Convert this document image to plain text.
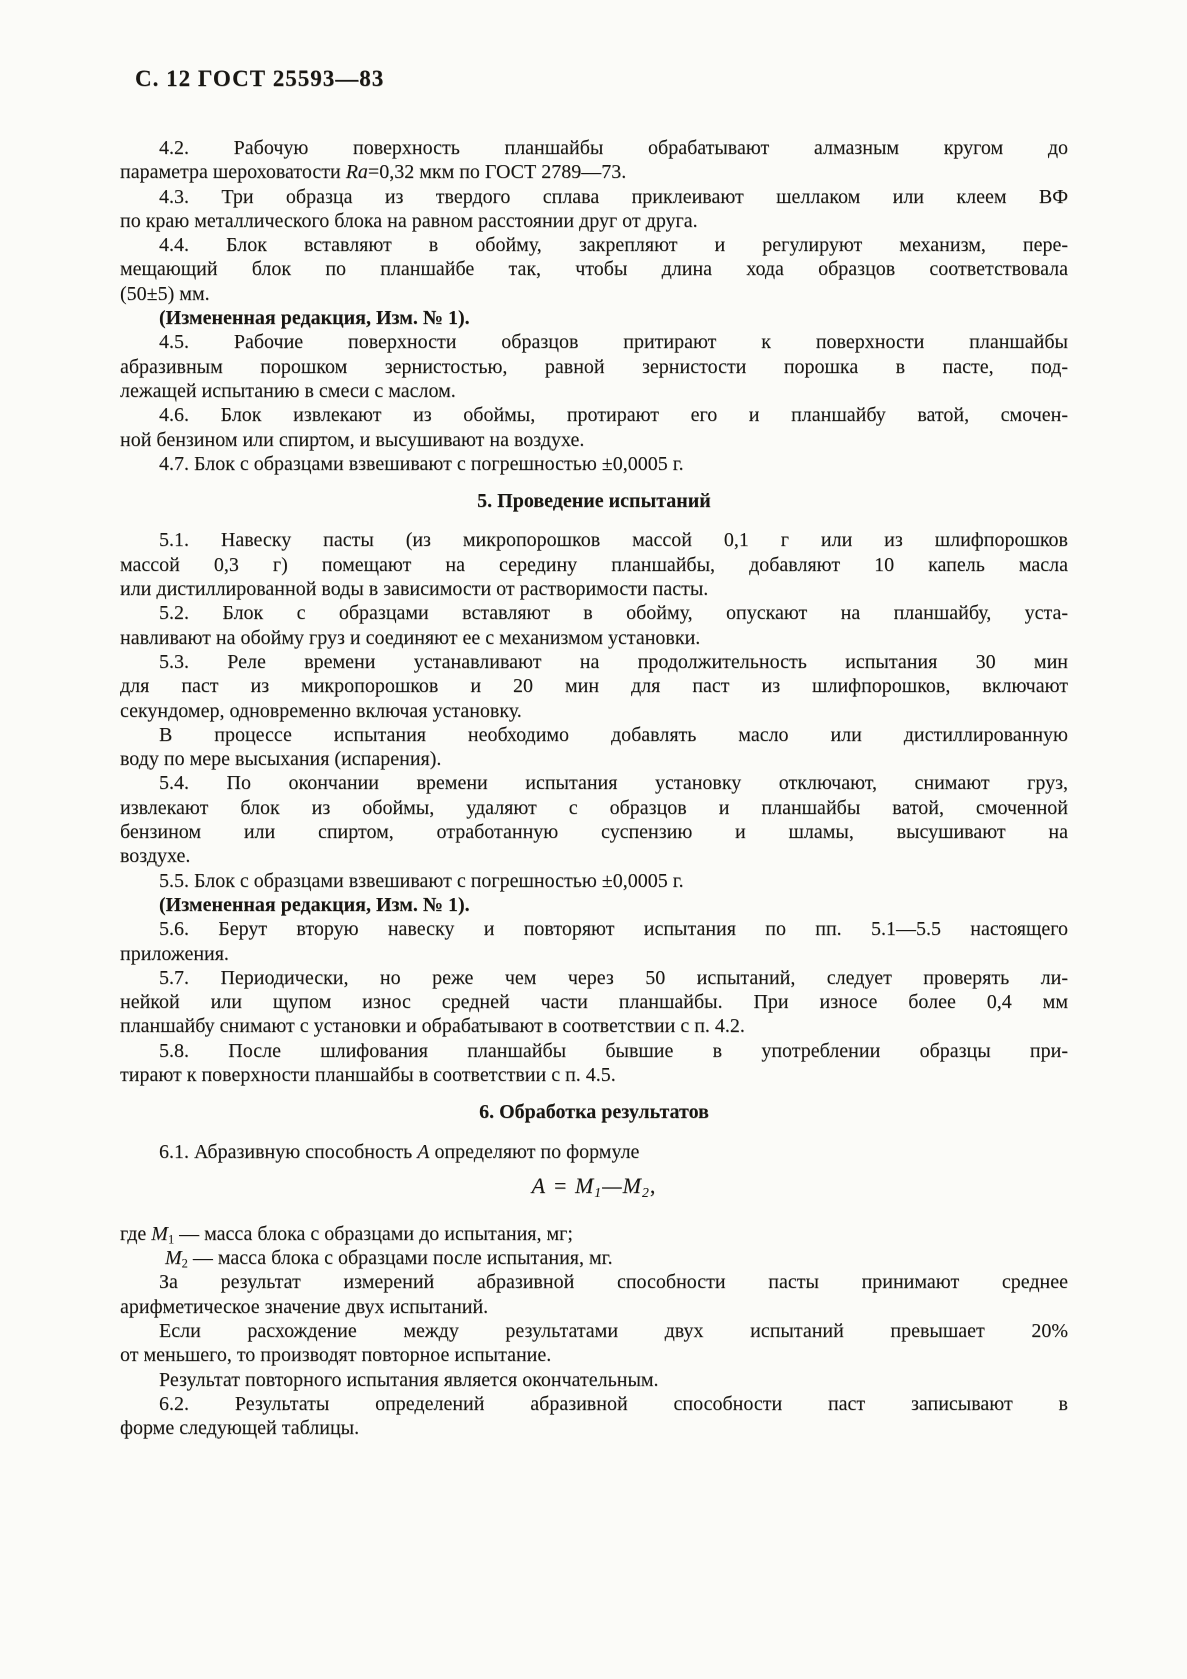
С. 12 ГОСТ 25593—83
4.2. Рабочую поверхность планшайбы обрабатывают алмазным кругом до
параметра шероховатости Ra=0,32 мкм по ГОСТ 2789—73.
4.3. Три образца из твердого сплава приклеивают шеллаком или клеем ВФ
по краю металлического блока на равном расстоянии друг от друга.
4.4. Блок вставляют в обойму, закрепляют и регулируют механизм, пере-
мещающий блок по планшайбе так, чтобы длина хода образцов соответствовала
(50±5) мм.
(Измененная редакция, Изм. № 1).
4.5. Рабочие поверхности образцов притирают к поверхности планшайбы
абразивным порошком зернистостью, равной зернистости порошка в пасте, под-
лежащей испытанию в смеси с маслом.
4.6. Блок извлекают из обоймы, протирают его и планшайбу ватой, смочен-
ной бензином или спиртом, и высушивают на воздухе.
4.7. Блок с образцами взвешивают с погрешностью ±0,0005 г.
5. Проведение испытаний
5.1. Навеску пасты (из микропорошков массой 0,1 г или из шлифпорошков
массой 0,3 г) помещают на середину планшайбы, добавляют 10 капель масла
или дистиллированной воды в зависимости от растворимости пасты.
5.2. Блок с образцами вставляют в обойму, опускают на планшайбу, уста-
навливают на обойму груз и соединяют ее с механизмом установки.
5.3. Реле времени устанавливают на продолжительность испытания 30 мин
для паст из микропорошков и 20 мин для паст из шлифпорошков, включают
секундомер, одновременно включая установку.
В процессе испытания необходимо добавлять масло или дистиллированную
воду по мере высыхания (испарения).
5.4. По окончании времени испытания установку отключают, снимают груз,
извлекают блок из обоймы, удаляют с образцов и планшайбы ватой, смоченной
бензином или спиртом, отработанную суспензию и шламы, высушивают на
воздухе.
5.5. Блок с образцами взвешивают с погрешностью ±0,0005 г.
(Измененная редакция, Изм. № 1).
5.6. Берут вторую навеску и повторяют испытания по пп. 5.1—5.5 настоящего
приложения.
5.7. Периодически, но реже чем через 50 испытаний, следует проверять ли-
нейкой или щупом износ средней части планшайбы. При износе более 0,4 мм
планшайбу снимают с установки и обрабатывают в соответствии с п. 4.2.
5.8. После шлифования планшайбы бывшие в употреблении образцы при-
тирают к поверхности планшайбы в соответствии с п. 4.5.
6. Обработка результатов
6.1. Абразивную способность А определяют по формуле
$А = М_1—М_2$,
где $М_1$ — масса блока с образцами до испытания, мг;
$М_2$ — масса блока с образцами после испытания, мг.
За результат измерений абразивной способности пасты принимают среднее
арифметическое значение двух испытаний.
Если расхождение между результатами двух испытаний превышает 20%
от меньшего, то производят повторное испытание.
Результат повторного испытания является окончательным.
6.2. Результаты определений абразивной способности паст записывают в
форме следующей таблицы.
